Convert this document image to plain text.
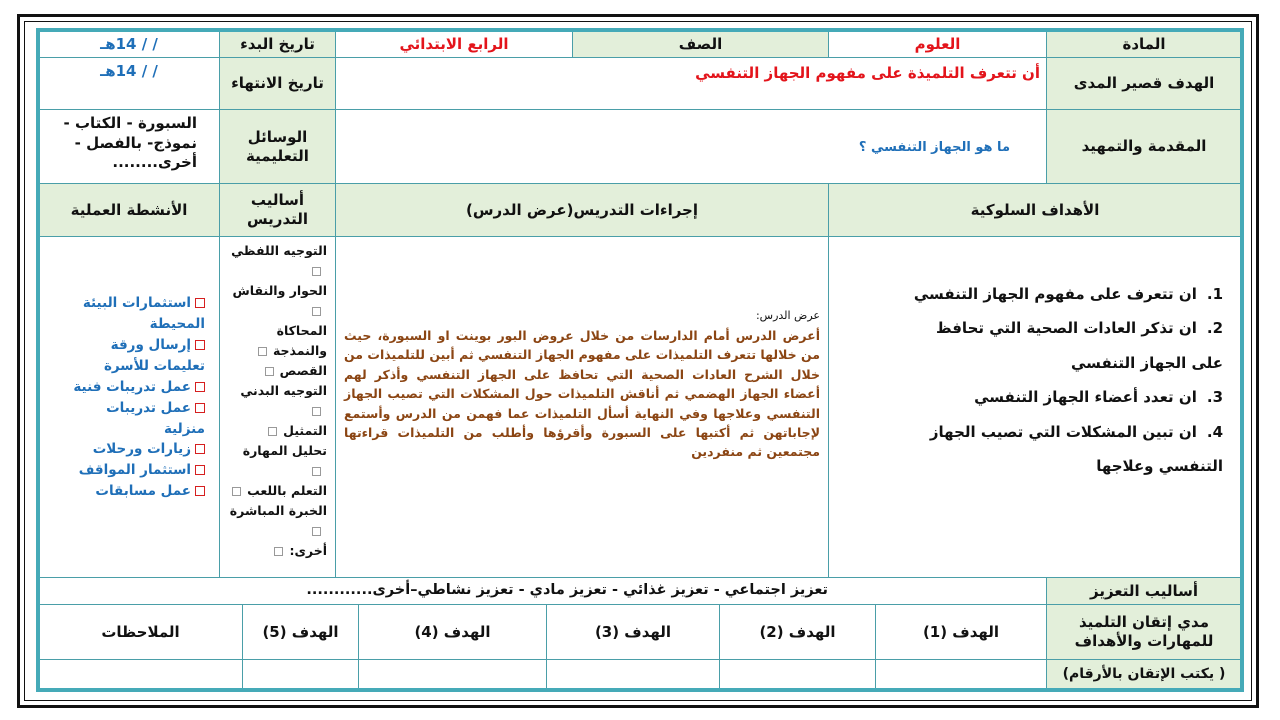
المادة
العلوم
الصف
الرابع الابتدائي
تاريخ البدء
/ / 14هـ
الهدف قصير المدى
أن تتعرف التلميذة على مفهوم الجهاز التنفسي
تاريخ الانتهاء
/ / 14هـ
المقدمة والتمهيد
ما هو الجهاز التنفسي ؟
الوسائل التعليمية
السبورة - الكتاب - نموذج- بالفصل - أخرى........
الأهداف السلوكية
إجراءات التدريس(عرض الدرس)
أساليب التدريس
الأنشطة العملية
1.ان تتعرف على مفهوم الجهاز التنفسي
2.ان تذكر العادات الصحية التي تحافظ على الجهاز التنفسي
3.ان تعدد أعضاء الجهاز التنفسي
4.ان تبين المشكلات التي تصيب الجهاز التنفسي وعلاجها
عرض الدرس:
أعرض الدرس أمام الدارسات من خلال عروض البور بوينت او السبورة، حيث من خلالها تتعرف التلميذات على مفهوم الجهاز التنفسي ثم أبين للتلميذات من خلال الشرح العادات الصحية التي تحافظ على الجهاز التنفسي وأذكر لهم أعضاء الجهاز الهضمي ثم أناقش التلميذات حول المشكلات التي تصيب الجهاز التنفسي وعلاجها وفي النهاية أسأل التلميذات عما فهمن من الدرس وأستمع لإجاباتهن ثم أكتبها على السبورة وأقرؤها وأطلب من التلميذات قراءتها مجتمعين ثم منفردين
التوجيه اللفظي
الحوار والنقاش
المحاكاة والنمذجة
القصص
التوجيه البدني
التمثيل
تحليل المهارة
التعلم باللعب
الخبرة المباشرة
أخرى:
استثمارات البيئة المحيطة
إرسال ورقة تعليمات للأسرة
عمل تدريبات فنية
عمل تدريبات منزلية
زيارات ورحلات
استثمار المواقف
عمل مسابقات
أساليب التعزيز
تعزيز اجتماعي - تعزيز غذائي - تعزيز مادي - تعزيز نشاطي–أخرى............
مدي إتقان التلميذ للمهارات والأهداف
الهدف (1)
الهدف (2)
الهدف (3)
الهدف (4)
الهدف (5)
الملاحظات
( يكتب الإتقان بالأرقام)
